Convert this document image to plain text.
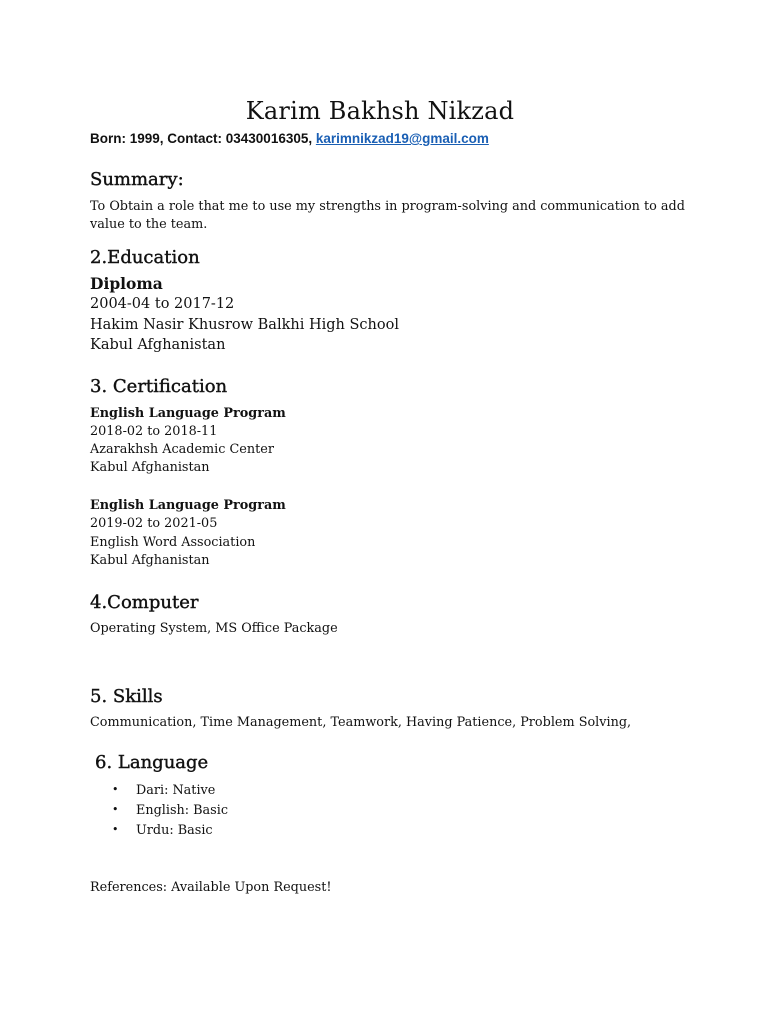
Karim Bakhsh Nikzad
Born: 1999, Contact: 03430016305, karimnikzad19@gmail.com
Summary:
To Obtain a role that me to use my strengths in program-solving and communication to add value to the team.
2.Education
Diploma
2004-04 to 2017-12
Hakim Nasir Khusrow Balkhi High School
Kabul Afghanistan
3. Certification
English Language Program
2018-02 to 2018-11
Azarakhsh Academic Center
Kabul Afghanistan
English Language Program
2019-02 to 2021-05
English Word Association
Kabul Afghanistan
4.Computer
Operating System, MS Office Package
5. Skills
Communication, Time Management, Teamwork, Having Patience, Problem Solving,
6. Language
• Dari: Native
• English: Basic
• Urdu: Basic
References: Available Upon Request!
